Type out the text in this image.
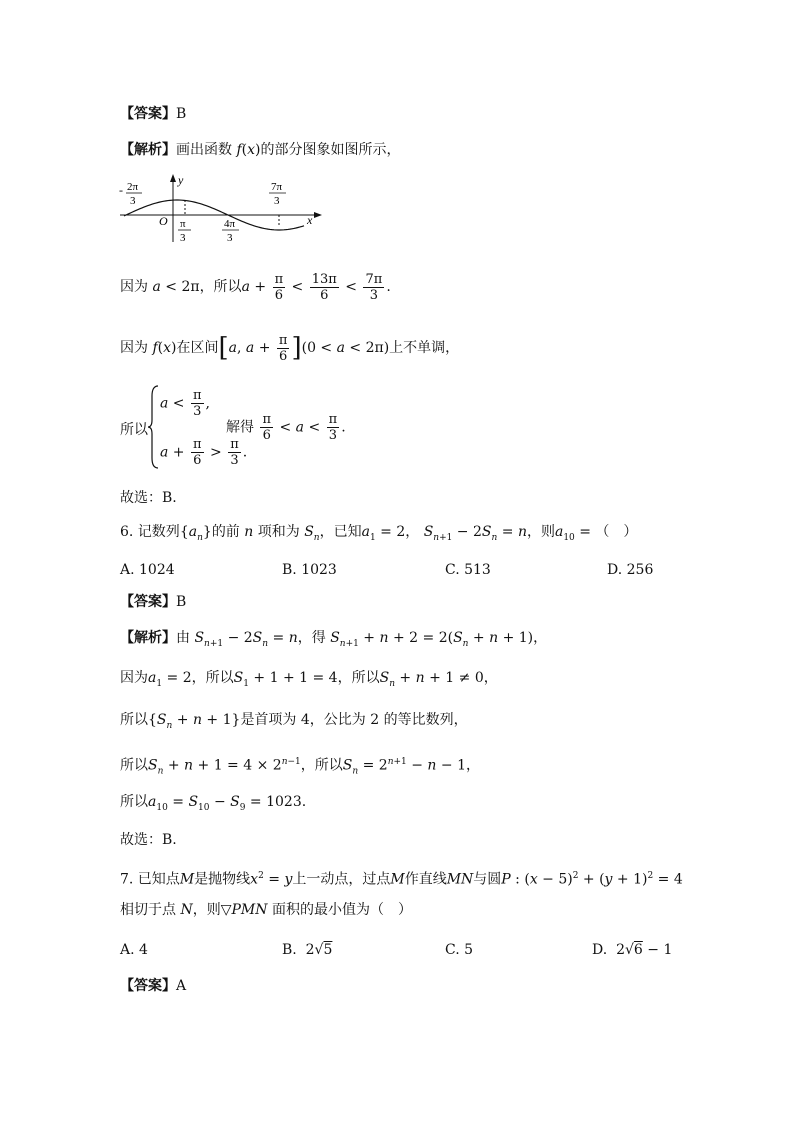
【答案】B
【解析】画出函数 f(x)的部分图象如图所示，
y
x
O
- 2π
3
π
3
4π
3
7π
3
因为 a < 2π，所以$a + \frac{\pi}{6} < \frac{13\pi}{6} < \frac{7\pi}{3}$ .
因为 f(x)在区间[a, $a + \frac{\pi}{6} ](0 < a < 2\pi)$上不单调，
所以
$a < \frac{\pi}{3}$ ,
$a + \frac{\pi}{6} > \frac{\pi}{3}$ .
解得 $\frac{\pi}{6} < a < \frac{\pi}{3}$ .
故选：B.
6. 记数列$\{a_n\}$的前 n 项和为 $S_n$，已知$a_1 = 2$， $S_{n+1} - 2S_n = n$，则$a_{10}$ = （　）
A. 1024	B. 1023	C. 513	D. 256
【答案】B
【解析】由 $S_{n+1} - 2S_n = n$，得 $S_{n+1} + n + 2 = 2(S_n + n + 1)$，
因为$a_1 = 2$，所以$S_1 + 1 + 1 = 4$，所以$S_n + n + 1 \ne 0$，
所以$\{S_n + n + 1\}$是首项为 4，公比为 2 的等比数列，
所以$S_n + n + 1 = 4 \times 2^{n-1}$，所以$S_n = 2^{n+1} - n - 1$，
所以$a_{10} = S_{10} - S_9 = 1023$.
故选：B.
7. 已知点M是抛物线$x^2 = y$上一动点，过点M作直线MN与圆P : $(x - 5)^2 + (y + 1)^2 = 4$
相切于点 N，则▽PMN 面积的最小值为（　）
A. 4	B.  2√5	C. 5	D.  2√6 − 1
【答案】A
